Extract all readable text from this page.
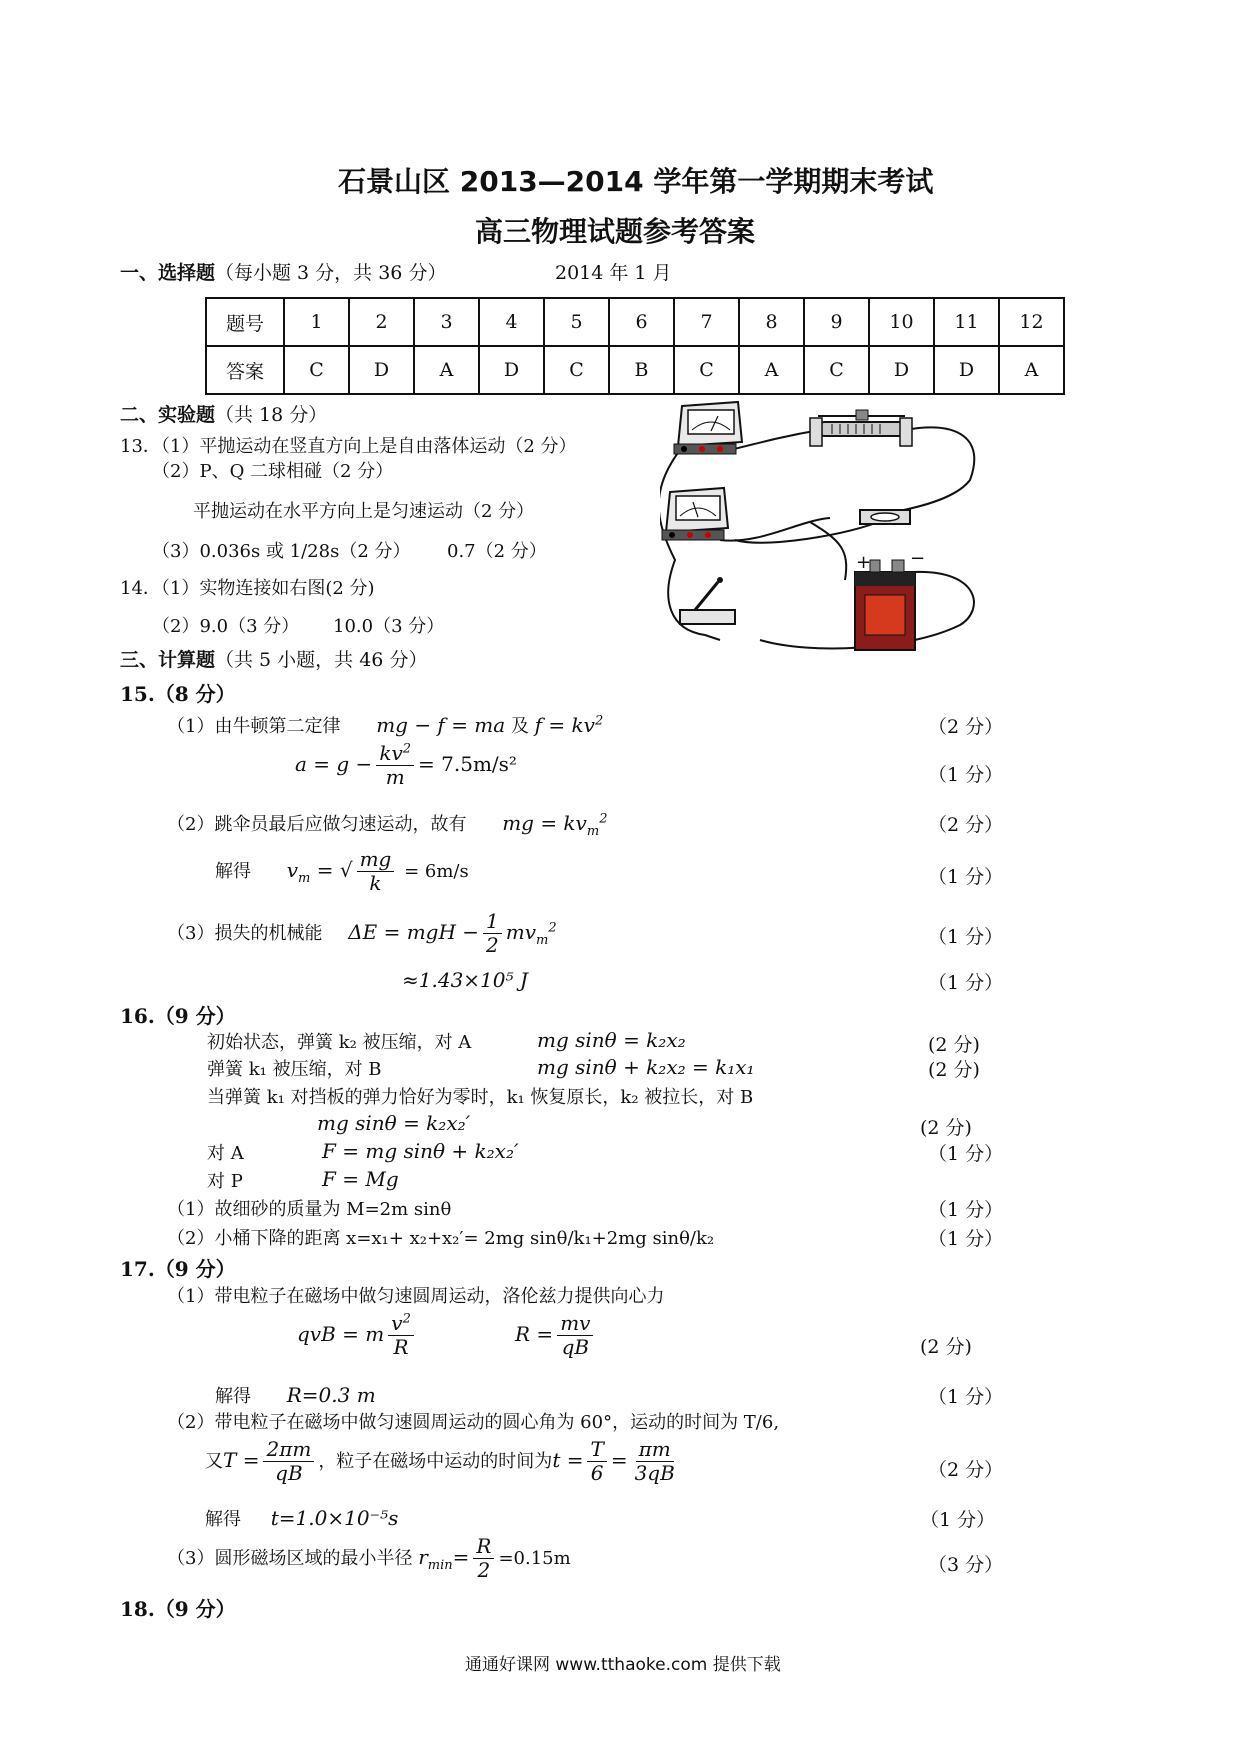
石景山区 2013—2014 学年第一学期期末考试
高三物理试题参考答案
一、选择题（每小题 3 分，共 36 分）	2014 年 1 月
题号	1	2	3	4	5	6	7	8	9	10	11	12
答案	C	D	A	D	C	B	C	A	C	D	D	A
二、实验题（共 18 分）
13．（1）平抛运动在竖直方向上是自由落体运动（2 分）
（2）P、Q 二球相碰（2 分）
平抛运动在水平方向上是匀速运动（2 分）
（3）0.036s 或 1/28s（2 分） 0.7（2 分）
14．（1）实物连接如右图(2 分)
（2）9.0（3 分） 10.0（3 分）
+ −
三、计算题（共 5 小题，共 46 分）
15.（8 分）
（1）由牛顿第二定律 mg − f = ma 及 $f = kv^2$	（2 分）
$a = g - \frac{kv^2}{m} = 7.5m/s^2$	（1 分）
（2）跳伞员最后应做匀速运动，故有 mg = $kv_m^2$	（2 分）
解得 $v_m$ = √ $\frac{mg}{k} = 6m/s$	（1 分）
（3）损失的机械能 ΔE = mgH − $\frac{1}{2} mv_m^2$	（1 分）
≈1.43×10⁵ J	（1 分）
16.（9 分）
初始状态，弹簧 k₂ 被压缩，对 A	mg sinθ = k₂x₂	(2 分)
弹簧 k₁ 被压缩，对 B	mg sinθ + k₂x₂ = k₁x₁	(2 分)
当弹簧 k₁ 对挡板的弹力恰好为零时，k₁ 恢复原长，k₂ 被拉长，对 B
mg sinθ = k₂x₂′	(2 分)
对 A	F = mg sinθ + k₂x₂′	（1 分）
对 P	F = Mg
（1）故细砂的质量为 M=2m sinθ	（1 分）
（2）小桶下降的距离 x=x₁+ x₂+x₂′= 2mg sinθ/k₁+2mg sinθ/k₂	（1 分）
17.（9 分）
（1）带电粒子在磁场中做匀速圆周运动，洛伦兹力提供向心力
qvB = m $\frac{v^2}{R}$	$R = \frac{mv}{qB}$	(2 分)
解得 R=0.3 m	（1 分）
（2）带电粒子在磁场中做匀速圆周运动的圆心角为 60°，运动的时间为 T/6,
又$T = \frac{2\pi m}{qB}$ ，粒子在磁场中运动的时间为$t = \frac{T}{6} = \frac{\pi m}{3qB}$	（2 分）
解得 t=1.0×10⁻⁵s	（1 分）
（3）圆形磁场区域的最小半径 $r_{min}= \frac{R}{2} =0.15m$	（3 分）
18.（9 分）
通通好课网 www.tthaoke.com 提供下载
